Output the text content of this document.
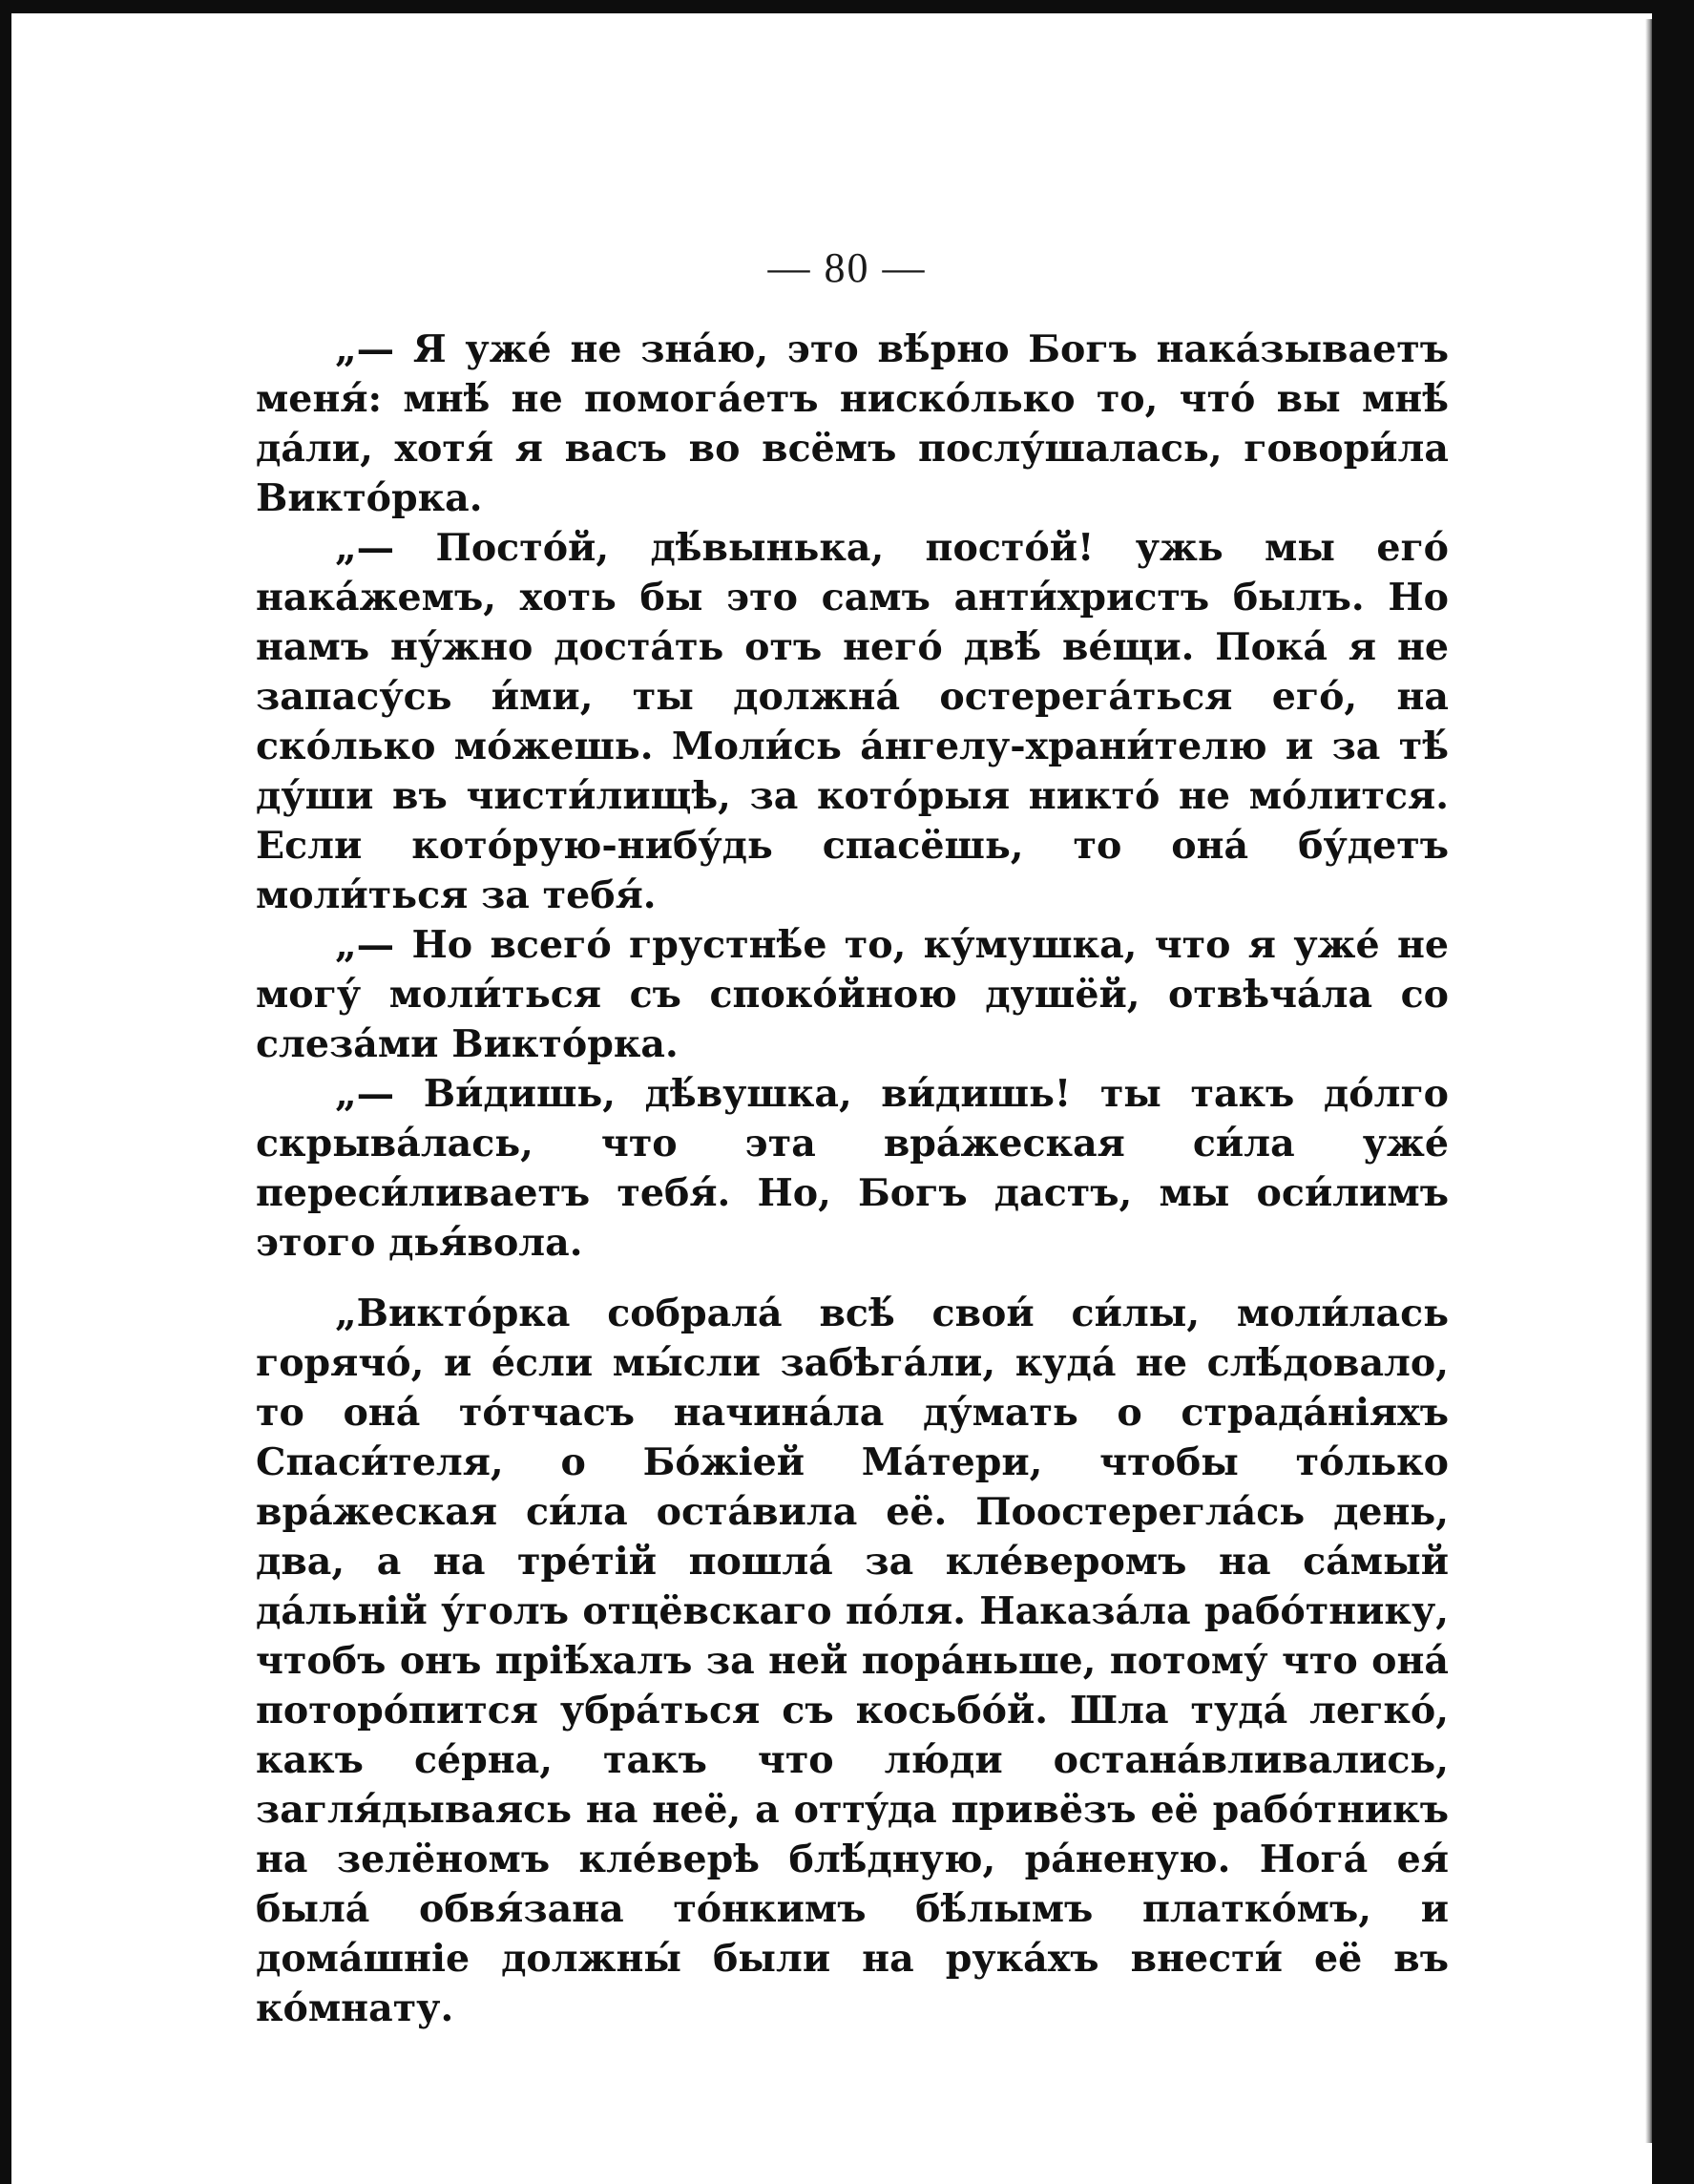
— 80 —

„— Я ужé не знáю, это вѣ́рно Богъ накáзываетъ меня́: мнѣ́ не помогáетъ нискóлько то, что́ вы мнѣ́ дáли, хотя́ я васъ во всёмъ послу́шалась, говори́ла Виктóрка.

„— Постóй, дѣ́вынька, постóй! ужь мы егó накáжемъ, хоть бы это самъ анти́христъ былъ. Но намъ ну́жно достáть отъ негó двѣ́ вéщи. Покá я не запасу́сь и́ми, ты должнá остерегáться егó, на скóлько мóжешь. Моли́сь áнгелу-храни́телю и за тѣ́ ду́ши въ чисти́лищѣ, за котóрыя никтó не мóлится. Если котóрую-нибу́дь спасёшь, то онá бу́детъ моли́ться за тебя́.

„— Но всегó грустнѣ́е то, ку́мушка, что я ужé не могу́ моли́ться съ спокóйною душёй, отвѣчáла со слезáми Виктóрка.

„— Ви́дишь, дѣ́вушка, ви́дишь! ты такъ дóлго скрывáлась, что эта врáжеская си́ла ужé переси́ливаетъ тебя́. Но, Богъ дастъ, мы оси́лимъ этого дья́вола.

„Виктóрка собралá всѣ́ свои́ си́лы, моли́лась горячó, и éсли мы́сли забѣгáли, кудá не слѣ́довало, то онá тóтчасъ начинáла ду́мать о страдáніяхъ Спаси́теля, о Бóжіей Мáтери, чтобы тóлько врáжеская си́ла остáвила её. Поостереглáсь день, два, а на трéтій пошлá за клéверомъ на сáмый дáльній у́голъ отцёвскаго пóля. Наказáла рабóтнику, чтобъ онъ пріѣ́халъ за ней порáньше, потому́ что онá поторóпится убрáться съ косьбóй. Шла тудá легкó, какъ сéрна, такъ что лю́ди останáвливались, загля́дываясь на неё, а оттýда привёзъ её рабóтникъ на зелёномъ клéверѣ блѣ́дную, рáненую. Ногá ея́ былá обвя́зана тóнкимъ бѣ́лымъ платкóмъ, и домáшніе должны́ были на рукáхъ внести́ её въ кóмнату.
